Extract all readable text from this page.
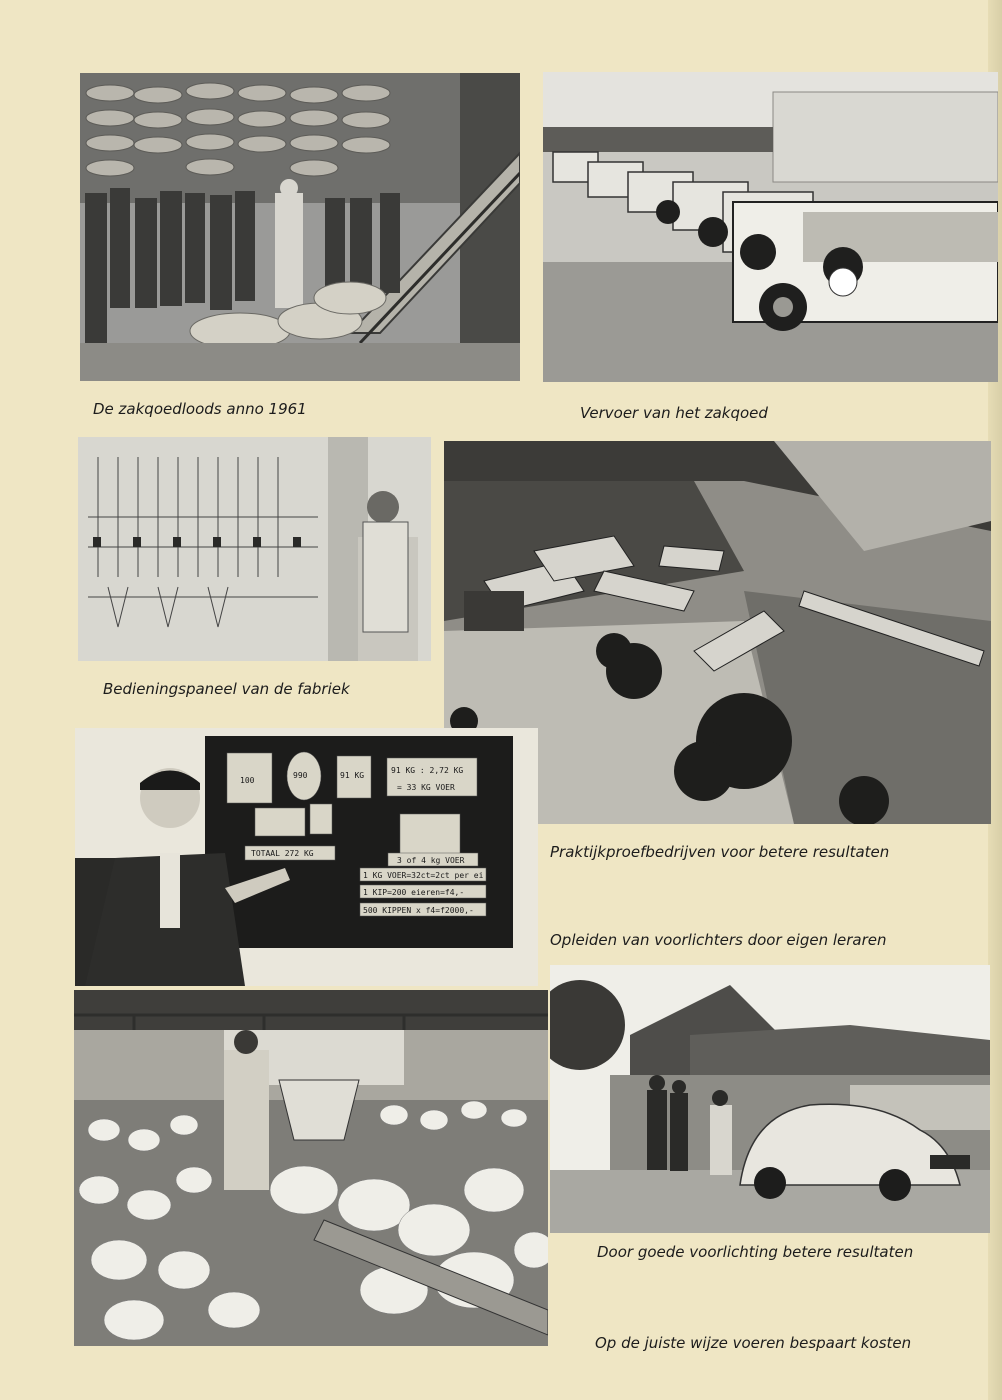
De zakqoedloods anno 1961	Vervoer van het zakqoed

Bedieningspaneel van de fabriek

100
990	91 KG
91 KG : 2,72 KG
= 33 KG VOER
TOTAAL 272 KG
3 of 4 kg VOER
1 KG VOER=32ct=2ct per ei
1 KIP=200 eieren=f4,-
500 KIPPEN x f4=f2000,-

Praktijkproefbedrijven voor betere resultaten

Opleiden van voorlichters door eigen leraren

Door goede voorlichting betere resultaten

Op de juiste wijze voeren bespaart kosten
